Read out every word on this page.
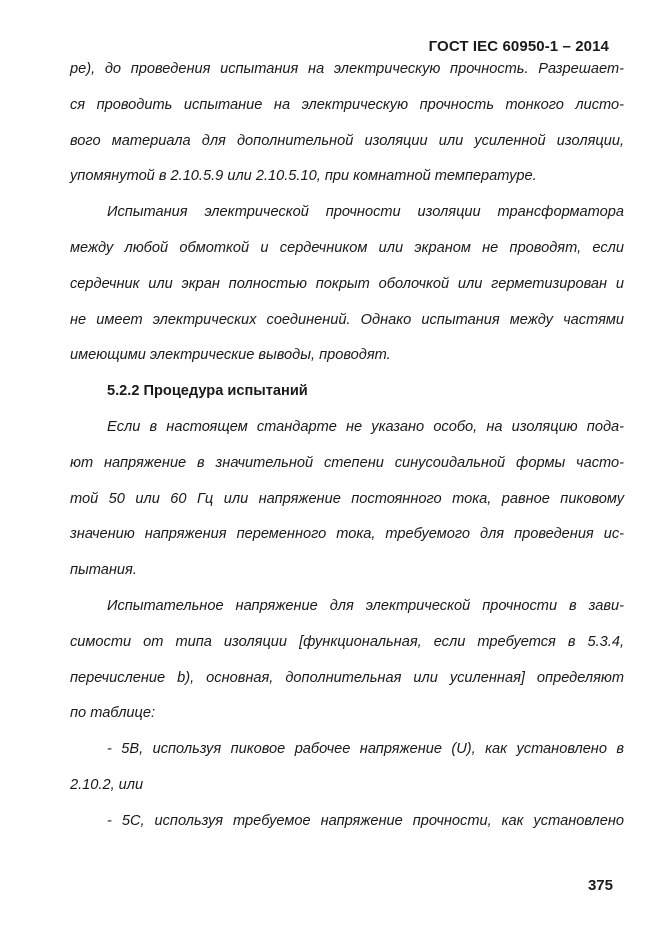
ГОСТ IEC 60950-1 – 2014
ре), до проведения испытания на электрическую прочность. Разрешает-
ся проводить испытание на электрическую прочность тонкого листо-
вого материала для дополнительной изоляции или усиленной изоляции,
упомянутой в 2.10.5.9 или 2.10.5.10, при комнатной температуре.
Испытания электрической прочности изоляции трансформатора
между любой обмоткой и сердечником или экраном не проводят, если
сердечник или экран полностью покрыт оболочкой или герметизирован и
не имеет электрических соединений. Однако испытания между частями
имеющими электрические выводы, проводят.
5.2.2 Процедура испытаний
Если в настоящем стандарте не указано особо, на изоляцию пода-
ют напряжение в значительной степени синусоидальной формы часто-
той 50 или 60 Гц или напряжение постоянного тока, равное пиковому
значению напряжения переменного тока, требуемого для проведения ис-
пытания.
Испытательное напряжение для электрической прочности в зави-
симости от типа изоляции [функциональная, если требуется в 5.3.4,
перечисление b), основная, дополнительная или усиленная] определяют
по таблице:
- 5В, используя пиковое рабочее напряжение (U), как установлено в
2.10.2, или
- 5С, используя требуемое напряжение прочности, как установлено
375
